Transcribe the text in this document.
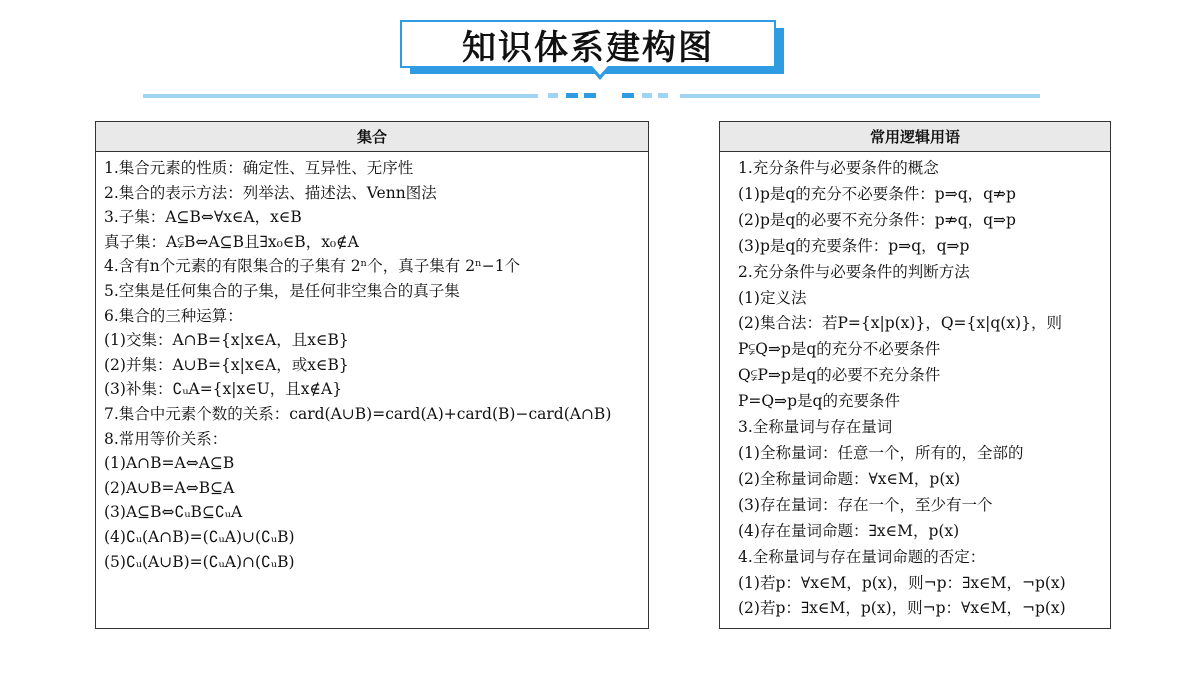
知识体系建构图
集合
1.集合元素的性质：确定性、互异性、无序性
2.集合的表示方法：列举法、描述法、Venn图法
3.子集：A⊆B⇔∀x∈A，x∈B
真子集：A⫋B⇔A⊆B且∃x₀∈B，x₀∉A
4.含有n个元素的有限集合的子集有 2ⁿ个，真子集有 2ⁿ−1个
5.空集是任何集合的子集，是任何非空集合的真子集
6.集合的三种运算：
(1)交集：A∩B={x|x∈A，且x∈B}
(2)并集：A∪B={x|x∈A，或x∈B}
(3)补集：∁ᵤA={x|x∈U，且x∉A}
7.集合中元素个数的关系：card(A∪B)=card(A)+card(B)−card(A∩B)
8.常用等价关系：
(1)A∩B=A⇔A⊆B
(2)A∪B=A⇔B⊆A
(3)A⊆B⇔∁ᵤB⊆∁ᵤA
(4)∁ᵤ(A∩B)=(∁ᵤA)∪(∁ᵤB)
(5)∁ᵤ(A∪B)=(∁ᵤA)∩(∁ᵤB)
常用逻辑用语
1.充分条件与必要条件的概念
(1)p是q的充分不必要条件：p⇒q，q⇏p
(2)p是q的必要不充分条件：p⇏q，q⇒p
(3)p是q的充要条件：p⇒q，q⇒p
2.充分条件与必要条件的判断方法
(1)定义法
(2)集合法：若P={x|p(x)}，Q={x|q(x)}，则
P⫋Q⇒p是q的充分不必要条件
Q⫋P⇒p是q的必要不充分条件
P=Q⇒p是q的充要条件
3.全称量词与存在量词
(1)全称量词：任意一个，所有的，全部的
(2)全称量词命题：∀x∈M，p(x)
(3)存在量词：存在一个，至少有一个
(4)存在量词命题：∃x∈M，p(x)
4.全称量词与存在量词命题的否定：
(1)若p：∀x∈M，p(x)，则¬p：∃x∈M，¬p(x)
(2)若p：∃x∈M，p(x)，则¬p：∀x∈M，¬p(x)
